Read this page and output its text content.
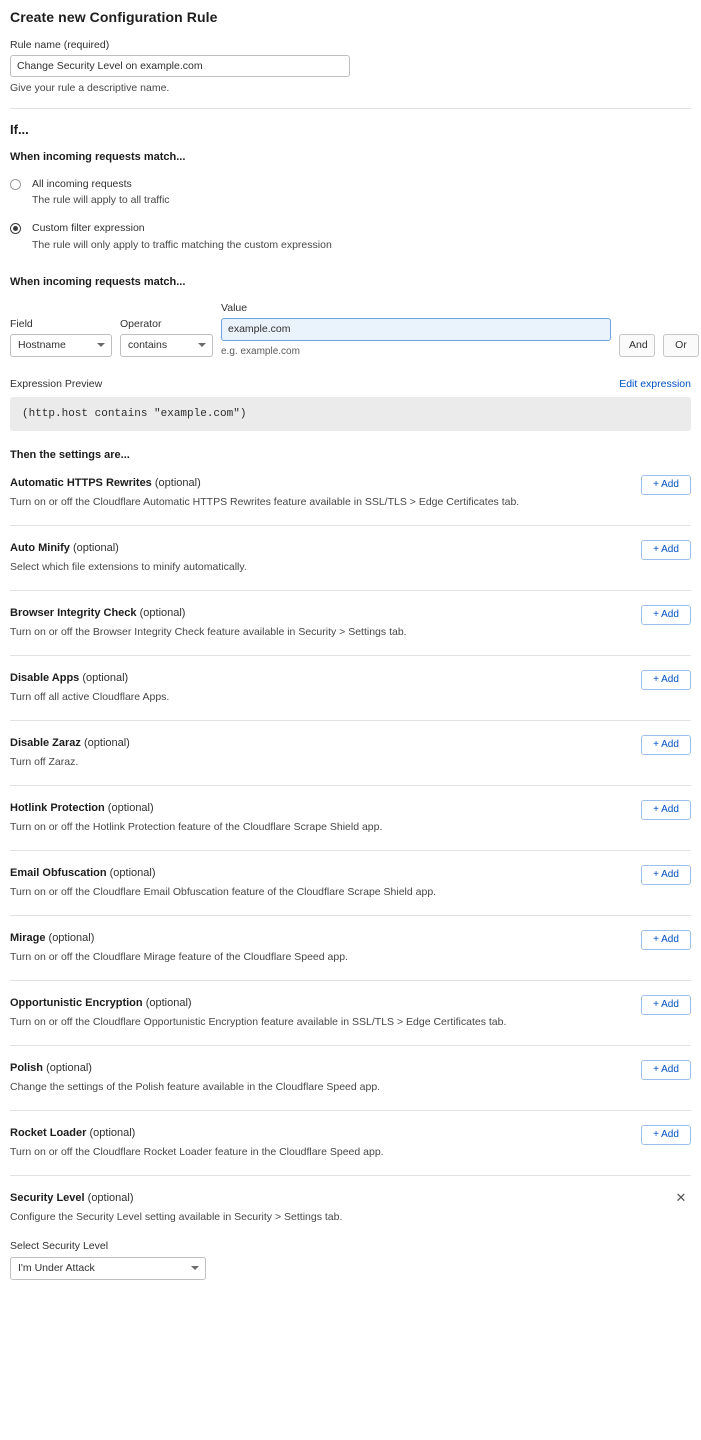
Create new Configuration Rule
Rule name (required)
Change Security Level on example.com
Give your rule a descriptive name.
If...
When incoming requests match...
All incoming requests
The rule will apply to all traffic
Custom filter expression
The rule will only apply to traffic matching the custom expression
When incoming requests match...
Field
Hostname
Operator
contains
Value
example.com
e.g. example.com	And	Or
Expression Preview	Edit expression
(http.host contains "example.com")
Then the settings are...
Automatic HTTPS Rewrites (optional)
Turn on or off the Cloudflare Automatic HTTPS Rewrites feature available in SSL/TLS > Edge Certificates tab.
+ Add
Auto Minify (optional)
Select which file extensions to minify automatically.
+ Add
Browser Integrity Check (optional)
Turn on or off the Browser Integrity Check feature available in Security > Settings tab.
+ Add
Disable Apps (optional)
Turn off all active Cloudflare Apps.
+ Add
Disable Zaraz (optional)
Turn off Zaraz.
+ Add
Hotlink Protection (optional)
Turn on or off the Hotlink Protection feature of the Cloudflare Scrape Shield app.
+ Add
Email Obfuscation (optional)
Turn on or off the Cloudflare Email Obfuscation feature of the Cloudflare Scrape Shield app.
+ Add
Mirage (optional)
Turn on or off the Cloudflare Mirage feature of the Cloudflare Speed app.
+ Add
Opportunistic Encryption (optional)
Turn on or off the Cloudflare Opportunistic Encryption feature available in SSL/TLS > Edge Certificates tab.
+ Add
Polish (optional)
Change the settings of the Polish feature available in the Cloudflare Speed app.
+ Add
Rocket Loader (optional)
Turn on or off the Cloudflare Rocket Loader feature in the Cloudflare Speed app.
+ Add
Security Level (optional)
Configure the Security Level setting available in Security > Settings tab.
✕
Select Security Level
I'm Under Attack
